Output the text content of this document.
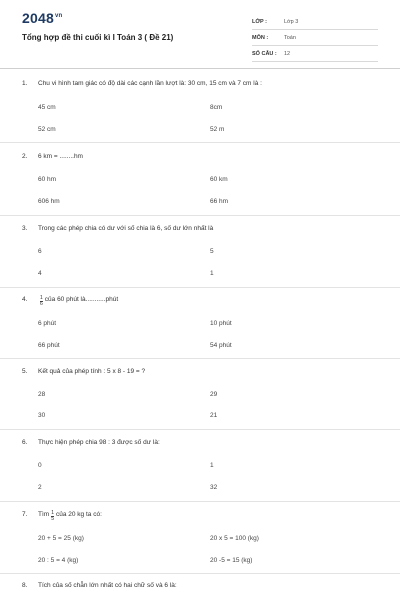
$2048^{vn}$
Tổng hợp đề thi cuối kì I Toán 3 ( Đề 21)
LỚP :	Lớp 3
MÔN :	Toán
SỐ CÂU :	12
1.	Chu vi hình tam giác có độ dài các cạnh lần lượt là: 30 cm, 15 cm và 7 cm là :
45 cm	8cm
52 cm	52 m
2.	6 km = ........hm
60 hm	60 km
606 hm	66 hm
3.	Trong các phép chia có dư với số chia là 6, số dư lớn nhất là
6	5
4	1
4.	$\frac{1}{6}$ của 60 phút là...........phút
6 phút	10 phút
66 phút	54 phút
5.	Kết quả của phép tính : 5 x 8 - 19 = ?
28	29
30	21
6.	Thực hiện phép chia 98 : 3 được số dư là:
0	1
2	32
7.	Tìm $\frac{1}{5}$ của 20 kg ta có:
20 + 5 = 25 (kg)	20 x 5 = 100 (kg)
20 : 5 = 4 (kg)	20 -5 = 15 (kg)
8.	Tích của số chẵn lớn nhất có hai chữ số và 6 là:
